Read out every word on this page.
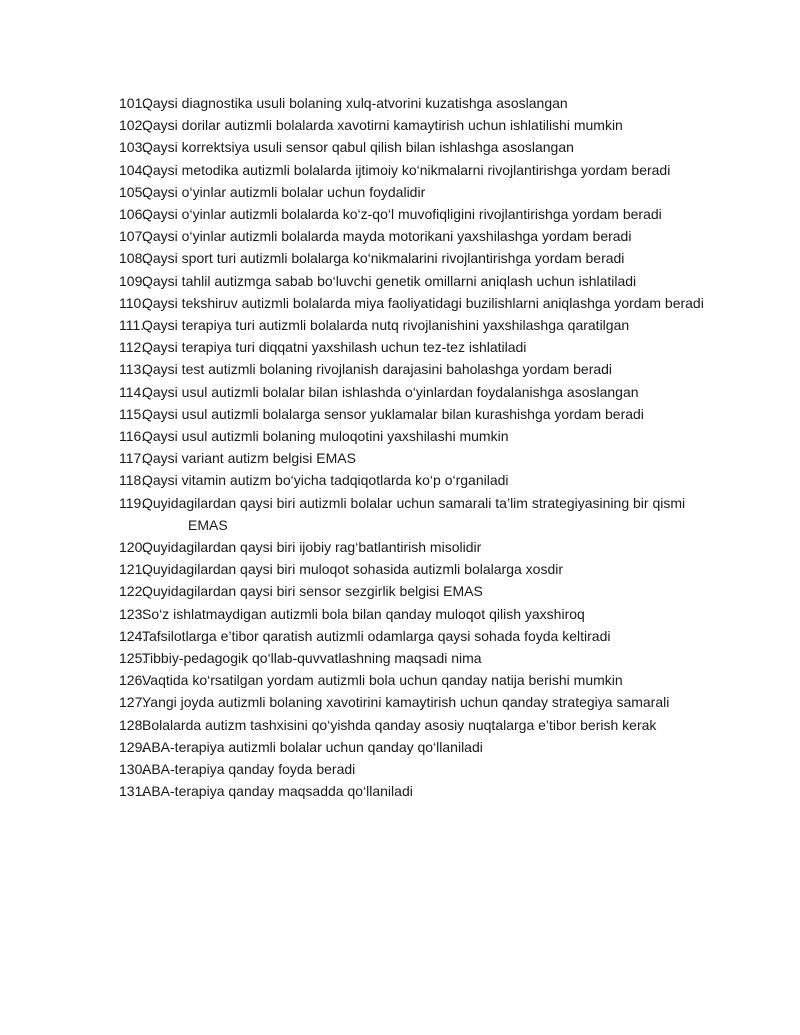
101.
Qaysi diagnostika usuli bolaning xulq-atvorini kuzatishga asoslangan
102.
Qaysi dorilar autizmli bolalarda xavotirni kamaytirish uchun ishlatilishi mumkin
103.
Qaysi korrektsiya usuli sensor qabul qilish bilan ishlashga asoslangan
104.
Qaysi metodika autizmli bolalarda ijtimoiy ko‘nikmalarni rivojlantirishga yordam beradi
105.
Qaysi o‘yinlar autizmli bolalar uchun foydalidir
106.
Qaysi o‘yinlar autizmli bolalarda ko‘z-qo‘l muvofiqligini rivojlantirishga yordam beradi
107.
Qaysi o‘yinlar autizmli bolalarda mayda motorikani yaxshilashga yordam beradi
108.
Qaysi sport turi autizmli bolalarga ko‘nikmalarini rivojlantirishga yordam beradi
109.
Qaysi tahlil autizmga sabab bo‘luvchi genetik omillarni aniqlash uchun ishlatiladi
110.
Qaysi tekshiruv autizmli bolalarda miya faoliyatidagi buzilishlarni aniqlashga yordam beradi
111.
Qaysi terapiya turi autizmli bolalarda nutq rivojlanishini yaxshilashga qaratilgan
112.
Qaysi terapiya turi diqqatni yaxshilash uchun tez-tez ishlatiladi
113.
Qaysi test autizmli bolaning rivojlanish darajasini baholashga yordam beradi
114.
Qaysi usul autizmli bolalar bilan ishlashda o‘yinlardan foydalanishga asoslangan
115.
Qaysi usul autizmli bolalarga sensor yuklamalar bilan kurashishga yordam beradi
116.
Qaysi usul autizmli bolaning muloqotini yaxshilashi mumkin
117.
Qaysi variant autizm belgisi EMAS
118.
Qaysi vitamin autizm bo‘yicha tadqiqotlarda ko‘p o‘rganiladi
119.
Quyidagilardan qaysi biri autizmli bolalar uchun samarali ta’lim strategiyasining bir qismi EMAS
120.
Quyidagilardan qaysi biri ijobiy rag‘batlantirish misolidir
121.
Quyidagilardan qaysi biri muloqot sohasida autizmli bolalarga xosdir
122.
Quyidagilardan qaysi biri sensor sezgirlik belgisi EMAS
123.
So‘z ishlatmaydigan autizmli bola bilan qanday muloqot qilish yaxshiroq
124.
Tafsilotlarga e’tibor qaratish autizmli odamlarga qaysi sohada foyda keltiradi
125.
Tibbiy-pedagogik qo‘llab-quvvatlashning maqsadi nima
126.
Vaqtida ko‘rsatilgan yordam autizmli bola uchun qanday natija berishi mumkin
127.
Yangi joyda autizmli bolaning xavotirini kamaytirish uchun qanday strategiya samarali
128.
Bolalarda autizm tashxisini qo‘yishda qanday asosiy nuqtalarga e’tibor berish kerak
129.
ABA-terapiya autizmli bolalar uchun qanday qo‘llaniladi
130.
ABA-terapiya qanday foyda beradi
131.
ABA-terapiya qanday maqsadda qo‘llaniladi
